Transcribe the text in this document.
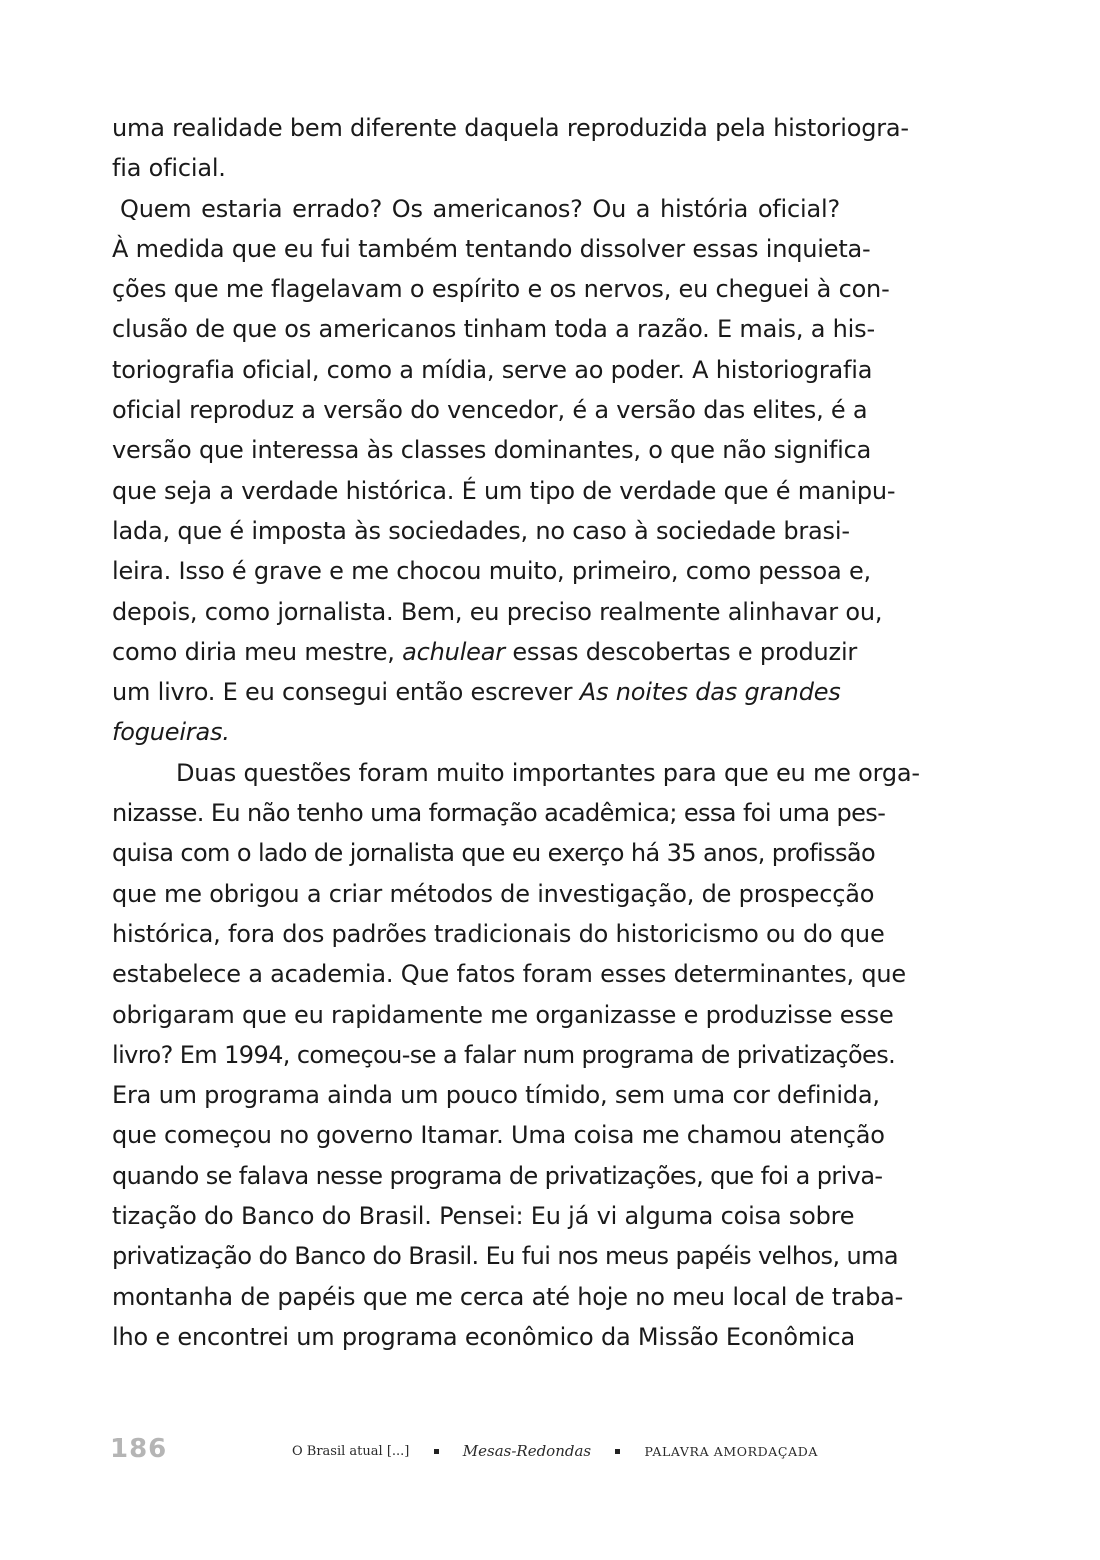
uma realidade bem diferente daquela reproduzida pela historiogra-
fia oficial.
Quem estaria errado? Os americanos? Ou a história oficial?
À medida que eu fui também tentando dissolver essas inquieta-
ções que me flagelavam o espírito e os nervos, eu cheguei à con-
clusão de que os americanos tinham toda a razão. E mais, a his-
toriografia oficial, como a mídia, serve ao poder. A historiografia
oficial reproduz a versão do vencedor, é a versão das elites, é a
versão que interessa às classes dominantes, o que não significa
que seja a verdade histórica. É um tipo de verdade que é manipu-
lada, que é imposta às sociedades, no caso à sociedade brasi-
leira. Isso é grave e me chocou muito, primeiro, como pessoa e,
depois, como jornalista. Bem, eu preciso realmente alinhavar ou,
como diria meu mestre, achulear essas descobertas e produzir
um livro. E eu consegui então escrever As noites das grandes
fogueiras.
Duas questões foram muito importantes para que eu me orga-
nizasse. Eu não tenho uma formação acadêmica; essa foi uma pes-
quisa com o lado de jornalista que eu exerço há 35 anos, profissão
que me obrigou a criar métodos de investigação, de prospecção
histórica, fora dos padrões tradicionais do historicismo ou do que
estabelece a academia. Que fatos foram esses determinantes, que
obrigaram que eu rapidamente me organizasse e produzisse esse
livro? Em 1994, começou-se a falar num programa de privatizações.
Era um programa ainda um pouco tímido, sem uma cor definida,
que começou no governo Itamar. Uma coisa me chamou atenção
quando se falava nesse programa de privatizações, que foi a priva-
tização do Banco do Brasil. Pensei: Eu já vi alguma coisa sobre
privatização do Banco do Brasil. Eu fui nos meus papéis velhos, uma
montanha de papéis que me cerca até hoje no meu local de traba-
lho e encontrei um programa econômico da Missão Econômica
186	O Brasil atual [...]	Mesas-Redondas	PALAVRA AMORDAÇADA
